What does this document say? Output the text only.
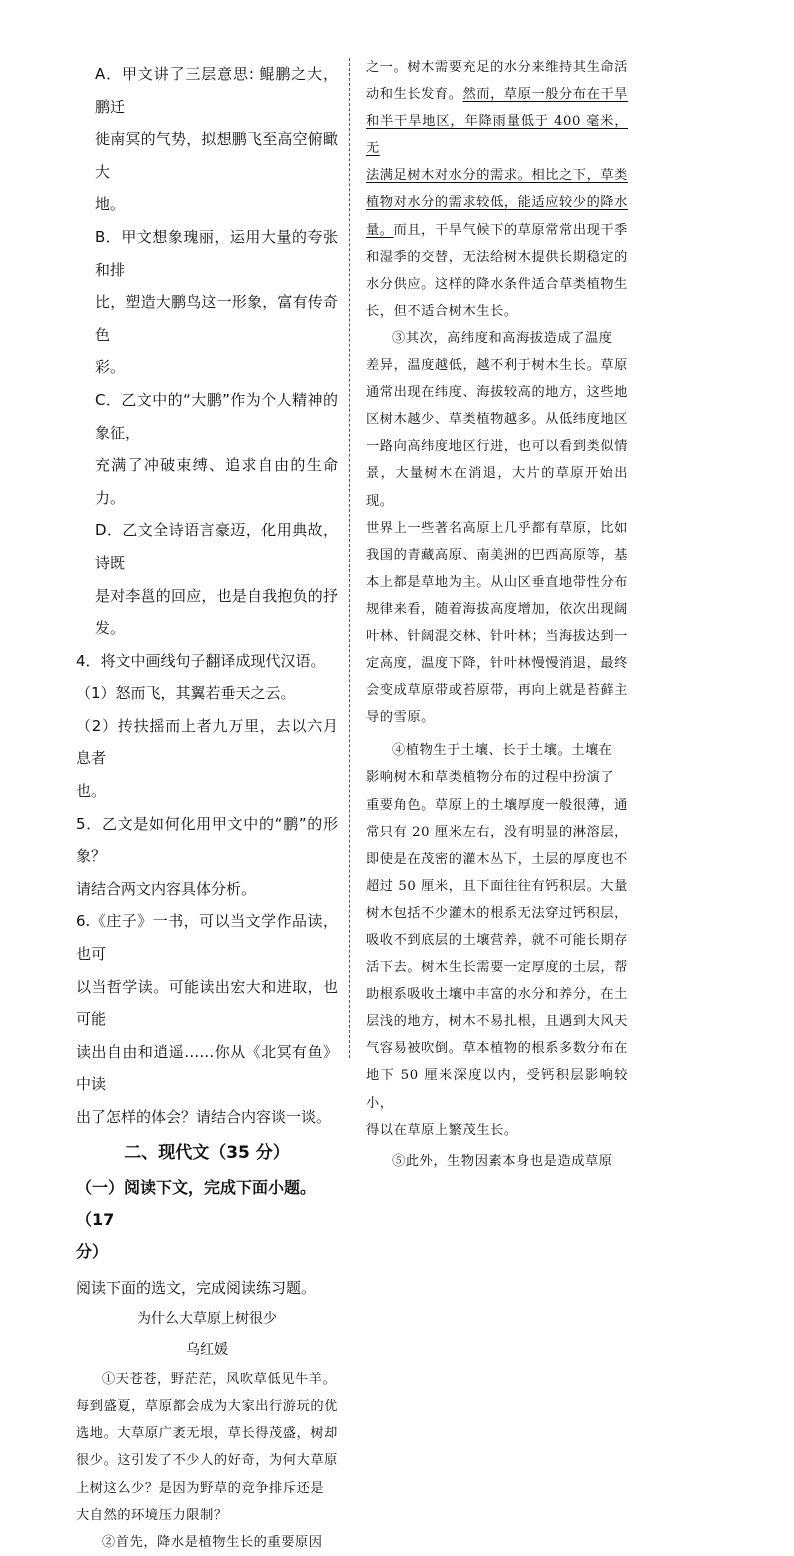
A．甲文讲了三层意思: 鲲鹏之大，鹏迁

徙南冥的气势，拟想鹏飞至高空俯瞰大

地。

B．甲文想象瑰丽，运用大量的夸张和排

比，塑造大鹏鸟这一形象，富有传奇色

彩。

C．乙文中的“大鹏”作为个人精神的象征，

充满了冲破束缚、追求自由的生命力。

D．乙文全诗语言豪迈，化用典故，诗既

是对李邕的回应，也是自我抱负的抒发。

4．将文中画线句子翻译成现代汉语。

（1）怒而飞，其翼若垂天之云。

（2）抟扶摇而上者九万里，去以六月息者

也。

5．乙文是如何化用甲文中的“鹏”的形象？

请结合两文内容具体分析。

6.《庄子》一书，可以当文学作品读，也可

以当哲学读。可能读出宏大和进取，也可能

读出自由和逍遥……你从《北冥有鱼》中读

出了怎样的体会？请结合内容谈一谈。

二、现代文（35 分）

（一）阅读下文，完成下面小题。（17

分）

阅读下面的选文，完成阅读练习题。

为什么大草原上树很少

乌红媛

①天苍苍，野茫茫，风吹草低见牛羊。

每到盛夏，草原都会成为大家出行游玩的优

选地。大草原广袤无垠，草长得茂盛，树却

很少。这引发了不少人的好奇，为何大草原

上树这么少？是因为野草的竞争排斥还是

大自然的环境压力限制？

②首先，降水是植物生长的重要原因

之一。树木需要充足的水分来维持其生命活

动和生长发育。然而，草原一般分布在干旱

和半干旱地区，年降雨量低于 400 毫米，无

法满足树木对水分的需求。相比之下，草类

植物对水分的需求较低，能适应较少的降水

量。而且，干旱气候下的草原常常出现干季

和湿季的交替，无法给树木提供长期稳定的

水分供应。这样的降水条件适合草类植物生

长，但不适合树木生长。

③其次，高纬度和高海拔造成了温度

差异，温度越低，越不利于树木生长。草原

通常出现在纬度、海拔较高的地方，这些地

区树木越少、草类植物越多。从低纬度地区

一路向高纬度地区行进，也可以看到类似情

景，大量树木在消退，大片的草原开始出现。

世界上一些著名高原上几乎都有草原，比如

我国的青藏高原、南美洲的巴西高原等，基

本上都是草地为主。从山区垂直地带性分布

规律来看，随着海拔高度增加，依次出现阔

叶林、针阔混交林、针叶林；当海拔达到一

定高度，温度下降，针叶林慢慢消退，最终

会变成草原带或苔原带，再向上就是苔藓主

导的雪原。

④植物生于土壤、长于土壤。土壤在

影响树木和草类植物分布的过程中扮演了

重要角色。草原上的土壤厚度一般很薄，通

常只有 20 厘米左右，没有明显的淋溶层，

即使是在茂密的灌木丛下，土层的厚度也不

超过 50 厘米，且下面往往有钙积层。大量

树木包括不少灌木的根系无法穿过钙积层，

吸收不到底层的土壤营养，就不可能长期存

活下去。树木生长需要一定厚度的土层，帮

助根系吸收土壤中丰富的水分和养分，在土

层浅的地方，树木不易扎根，且遇到大风天

气容易被吹倒。草本植物的根系多数分布在

地下 50 厘米深度以内，受钙积层影响较小，

得以在草原上繁茂生长。

⑤此外，生物因素本身也是造成草原
